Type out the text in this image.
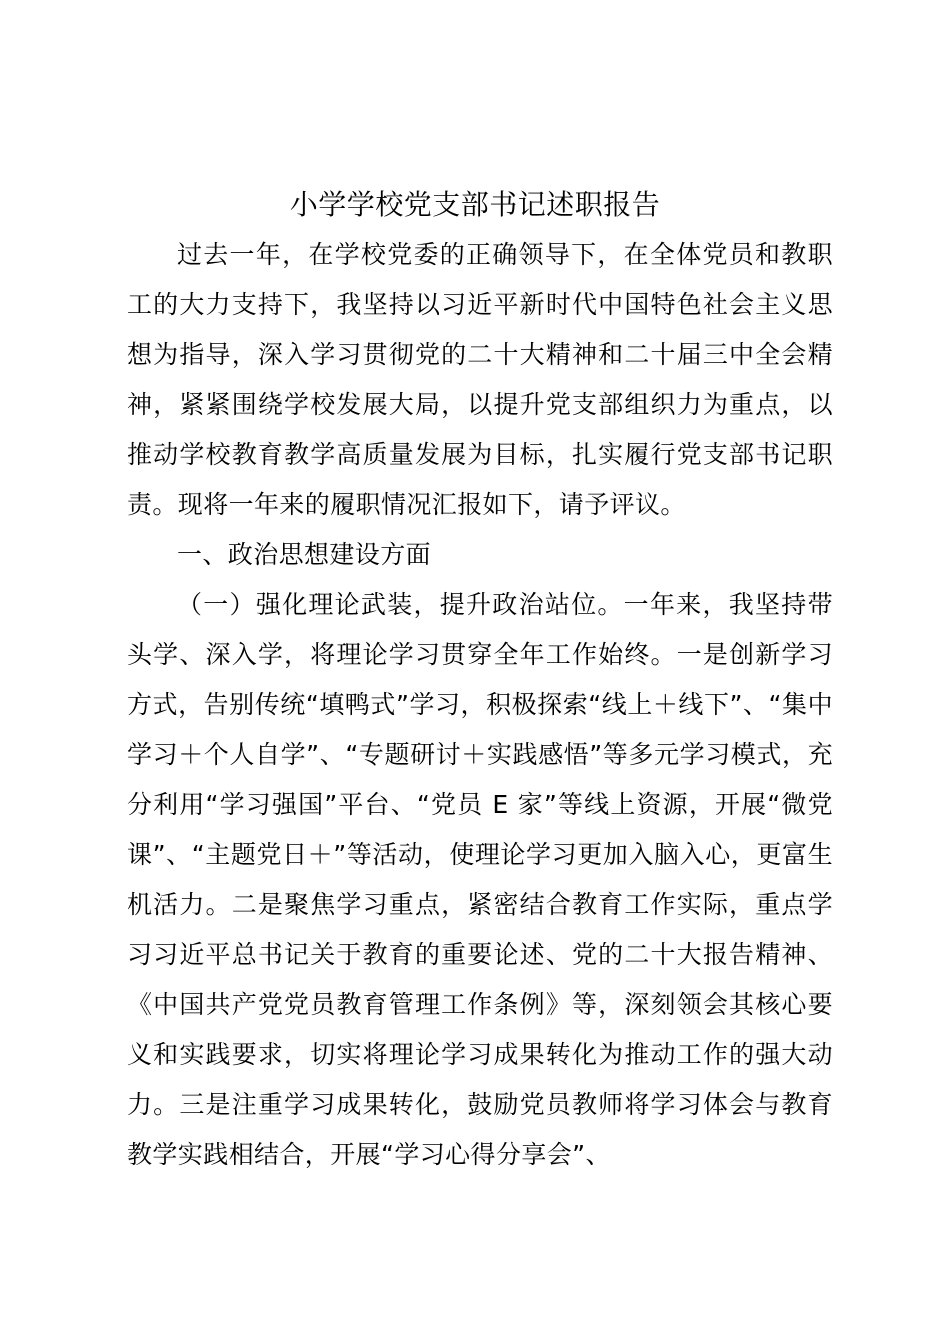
小学学校党支部书记述职报告

过去一年，在学校党委的正确领导下，在全体党员和教职工的大力支持下，我坚持以习近平新时代中国特色社会主义思想为指导，深入学习贯彻党的二十大精神和二十届三中全会精神，紧紧围绕学校发展大局，以提升党支部组织力为重点，以推动学校教育教学高质量发展为目标，扎实履行党支部书记职责。现将一年来的履职情况汇报如下，请予评议。

一、政治思想建设方面

（一）强化理论武装，提升政治站位。一年来，我坚持带头学、深入学，将理论学习贯穿全年工作始终。一是创新学习方式，告别传统“填鸭式”学习，积极探索“线上＋线下”、“集中学习＋个人自学”、“专题研讨＋实践感悟”等多元学习模式，充分利用“学习强国”平台、“党员 E 家”等线上资源，开展“微党课”、“主题党日＋”等活动，使理论学习更加入脑入心，更富生机活力。二是聚焦学习重点，紧密结合教育工作实际，重点学习习近平总书记关于教育的重要论述、党的二十大报告精神、《中国共产党党员教育管理工作条例》等，深刻领会其核心要义和实践要求，切实将理论学习成果转化为推动工作的强大动力。三是注重学习成果转化，鼓励党员教师将学习体会与教育教学实践相结合，开展“学习心得分享会”、
